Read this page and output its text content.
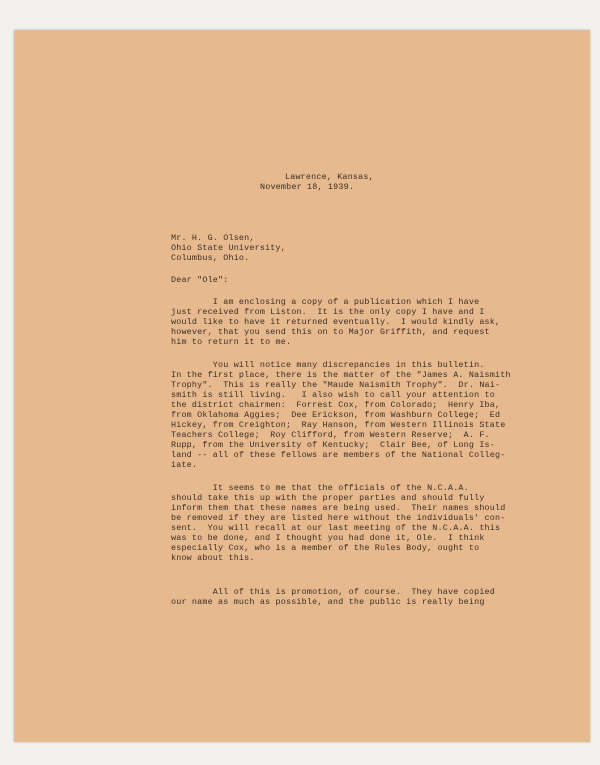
Lawrence, Kansas,
November 18, 1939.
Mr. H. G. Olsen,
Ohio State University,
Columbus, Ohio.
Dear "Ole":
I am enclosing a copy of a publication which I have
just received from Liston.  It is the only copy I have and I
would like to have it returned eventually.  I would kindly ask,
however, that you send this on to Major Griffith, and request
him to return it to me.
You will notice many discrepancies in this bulletin.
In the first place, there is the matter of the "James A. Naismith
Trophy".  This is really the "Maude Naismith Trophy".  Dr. Nai-
smith is still living.   I also wish to call your attention to
the district chairmen:  Forrest Cox, from Colorado;  Henry Iba,
from Oklahoma Aggies;  Dee Erickson, from Washburn College;  Ed
Hickey, from Creighton;  Ray Hanson, from Western Illinois State
Teachers College;  Roy Clifford, from Western Reserve;  A. F.
Rupp, from the University of Kentucky;  Clair Bee, of Long Is-
land -- all of these fellows are members of the National Colleg-
iate.
It seems to me that the officials of the N.C.A.A.
should take this up with the proper parties and should fully
inform them that these names are being used.  Their names should
be removed if they are listed here without the individuals' con-
sent.  You will recall at our last meeting of the N.C.A.A. this
was to be done, and I thought you had done it, Ole.  I think
especially Cox, who is a member of the Rules Body, ought to
know about this.
All of this is promotion, of course.  They have copied
our name as much as possible, and the public is really being
